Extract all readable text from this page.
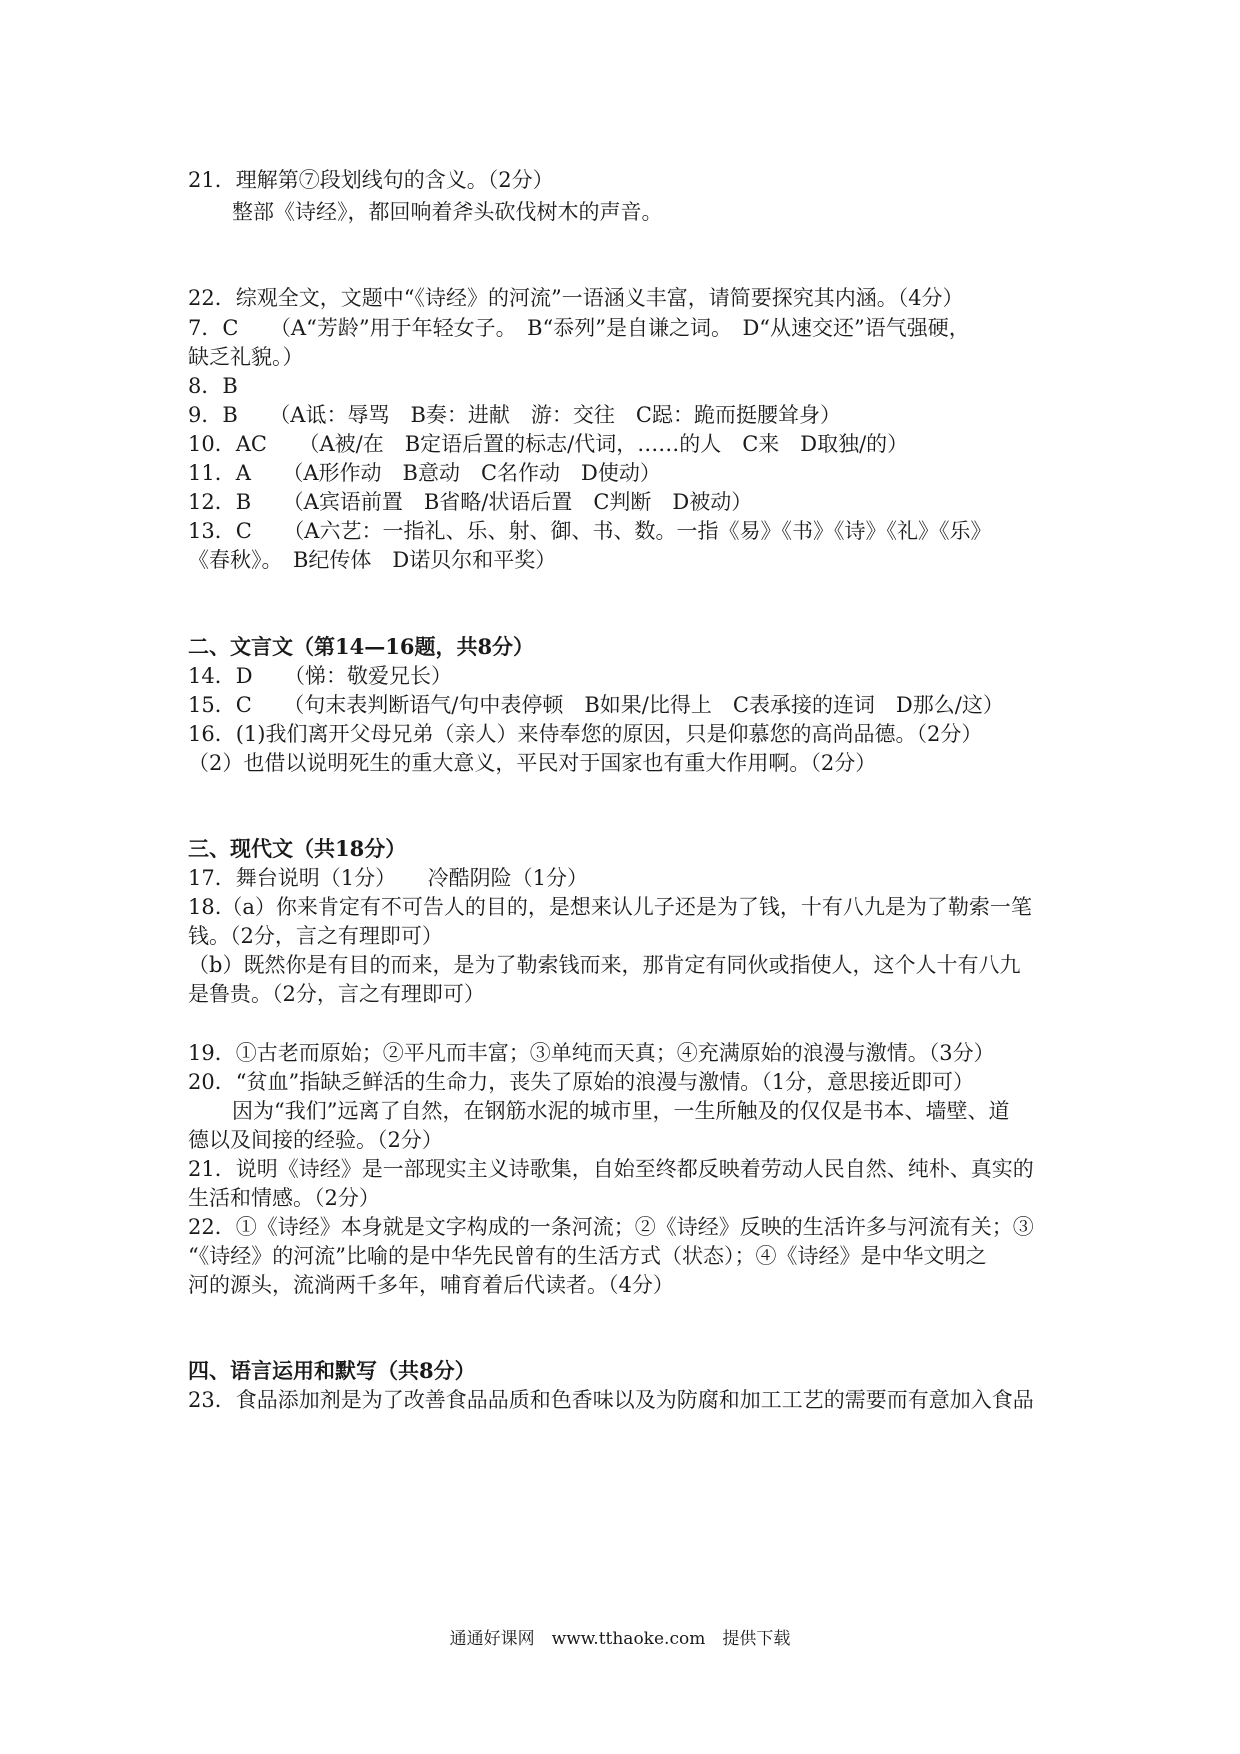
21．理解第⑦段划线句的含义。（2分）
整部《诗经》，都回响着斧头砍伐树木的声音。
22．综观全文，文题中“《诗经》的河流”一语涵义丰富，请简要探究其内涵。（4分）
7．C　　（A“芳龄”用于年轻女子。　B“忝列”是自谦之词。　D“从速交还”语气强硬，
缺乏礼貌。）
8．B
9．B　　（A诋：辱骂　B奏：进献　游：交往　C跽：跪而挺腰耸身）
10．AC　　（A被/在　B定语后置的标志/代词，……的人　C来　D取独/的）
11．A　　（A形作动　B意动　C名作动　D使动）
12．B　　（A宾语前置　B省略/状语后置　C判断　D被动）
13．C　　（A六艺：一指礼、乐、射、御、书、数。一指《易》《书》《诗》《礼》《乐》
《春秋》。　B纪传体　D诺贝尔和平奖）
二、文言文（第14—16题，共8分）
14．D　　（悌：敬爱兄长）
15．C　　（句末表判断语气/句中表停顿　B如果/比得上　C表承接的连词　D那么/这）
16．(1)我们离开父母兄弟（亲人）来侍奉您的原因，只是仰慕您的高尚品德。（2分）
（2）也借以说明死生的重大意义，平民对于国家也有重大作用啊。（2分）
三、现代文（共18分）
17．舞台说明（1分）　　冷酷阴险（1分）
18.（a）你来肯定有不可告人的目的，是想来认儿子还是为了钱，十有八九是为了勒索一笔
钱。（2分，言之有理即可）
（b）既然你是有目的而来，是为了勒索钱而来，那肯定有同伙或指使人，这个人十有八九
是鲁贵。（2分，言之有理即可）
19．①古老而原始；②平凡而丰富；③单纯而天真；④充满原始的浪漫与激情。（3分）
20．“贫血”指缺乏鲜活的生命力，丧失了原始的浪漫与激情。（1分，意思接近即可）
因为“我们”远离了自然，在钢筋水泥的城市里，一生所触及的仅仅是书本、墙壁、道
德以及间接的经验。（2分）
21．说明《诗经》是一部现实主义诗歌集，自始至终都反映着劳动人民自然、纯朴、真实的
生活和情感。（2分）
22．①《诗经》本身就是文字构成的一条河流；②《诗经》反映的生活许多与河流有关；③
“《诗经》的河流”比喻的是中华先民曾有的生活方式（状态）；④《诗经》是中华文明之
河的源头，流淌两千多年，哺育着后代读者。（4分）
四、语言运用和默写（共8分）
23．食品添加剂是为了改善食品品质和色香味以及为防腐和加工工艺的需要而有意加入食品
通通好课网　www.tthaoke.com　提供下载
